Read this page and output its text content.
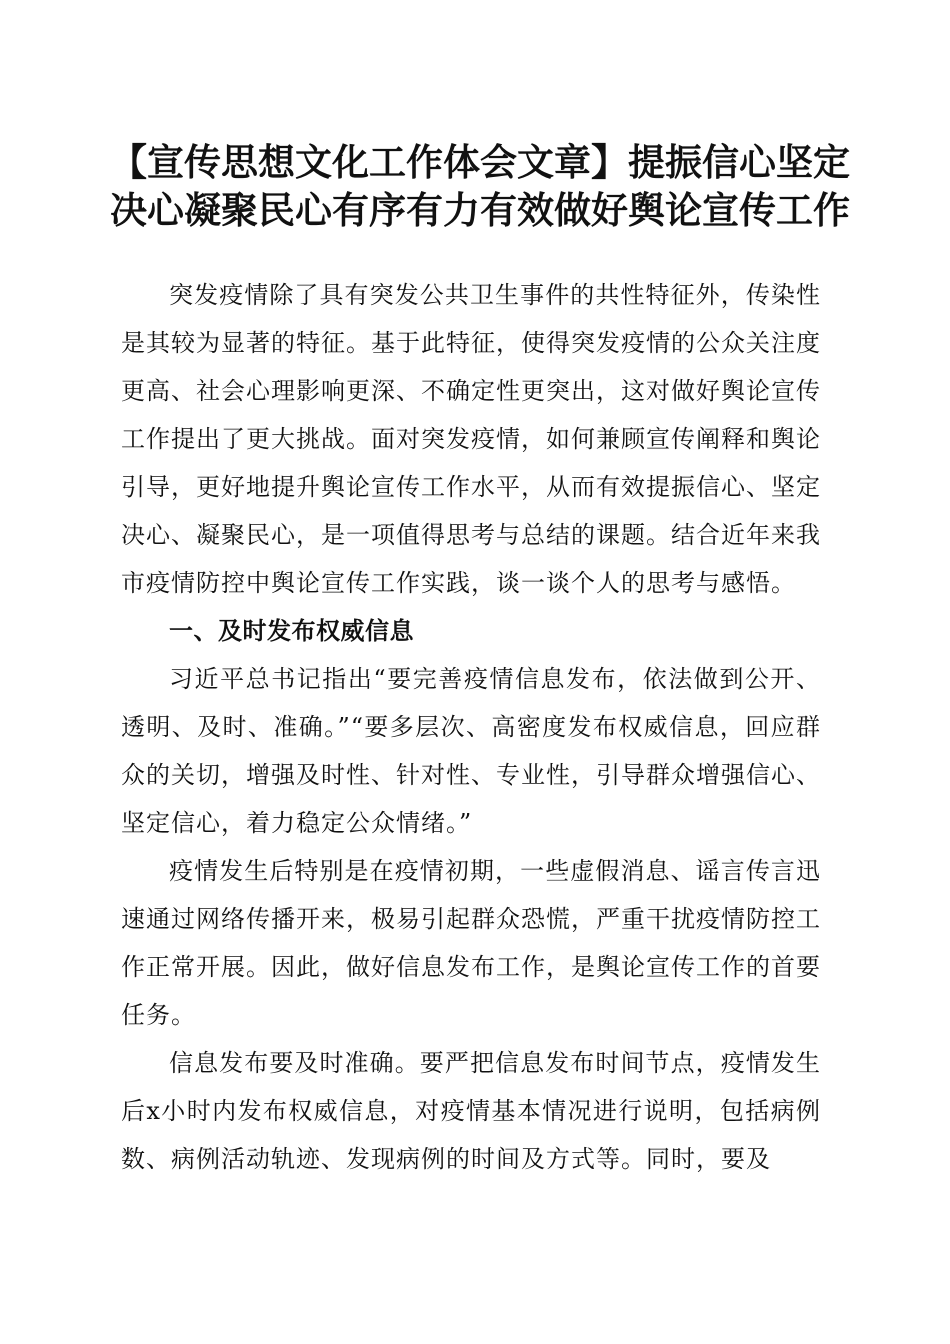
【宣传思想文化工作体会文章】提振信心坚定
决心凝聚民心有序有力有效做好舆论宣传工作

突发疫情除了具有突发公共卫生事件的共性特征外，传染性是其较为显著的特征。基于此特征，使得突发疫情的公众关注度更高、社会心理影响更深、不确定性更突出，这对做好舆论宣传工作提出了更大挑战。面对突发疫情，如何兼顾宣传阐释和舆论引导，更好地提升舆论宣传工作水平，从而有效提振信心、坚定决心、凝聚民心，是一项值得思考与总结的课题。结合近年来我市疫情防控中舆论宣传工作实践，谈一谈个人的思考与感悟。

一、及时发布权威信息

习近平总书记指出“要完善疫情信息发布，依法做到公开、透明、及时、准确。”“要多层次、高密度发布权威信息，回应群众的关切，增强及时性、针对性、专业性，引导群众增强信心、坚定信心，着力稳定公众情绪。”

疫情发生后特别是在疫情初期，一些虚假消息、谣言传言迅速通过网络传播开来，极易引起群众恐慌，严重干扰疫情防控工作正常开展。因此，做好信息发布工作，是舆论宣传工作的首要任务。

信息发布要及时准确。要严把信息发布时间节点，疫情发生后x小时内发布权威信息，对疫情基本情况进行说明，包括病例数、病例活动轨迹、发现病例的时间及方式等。同时，要及
